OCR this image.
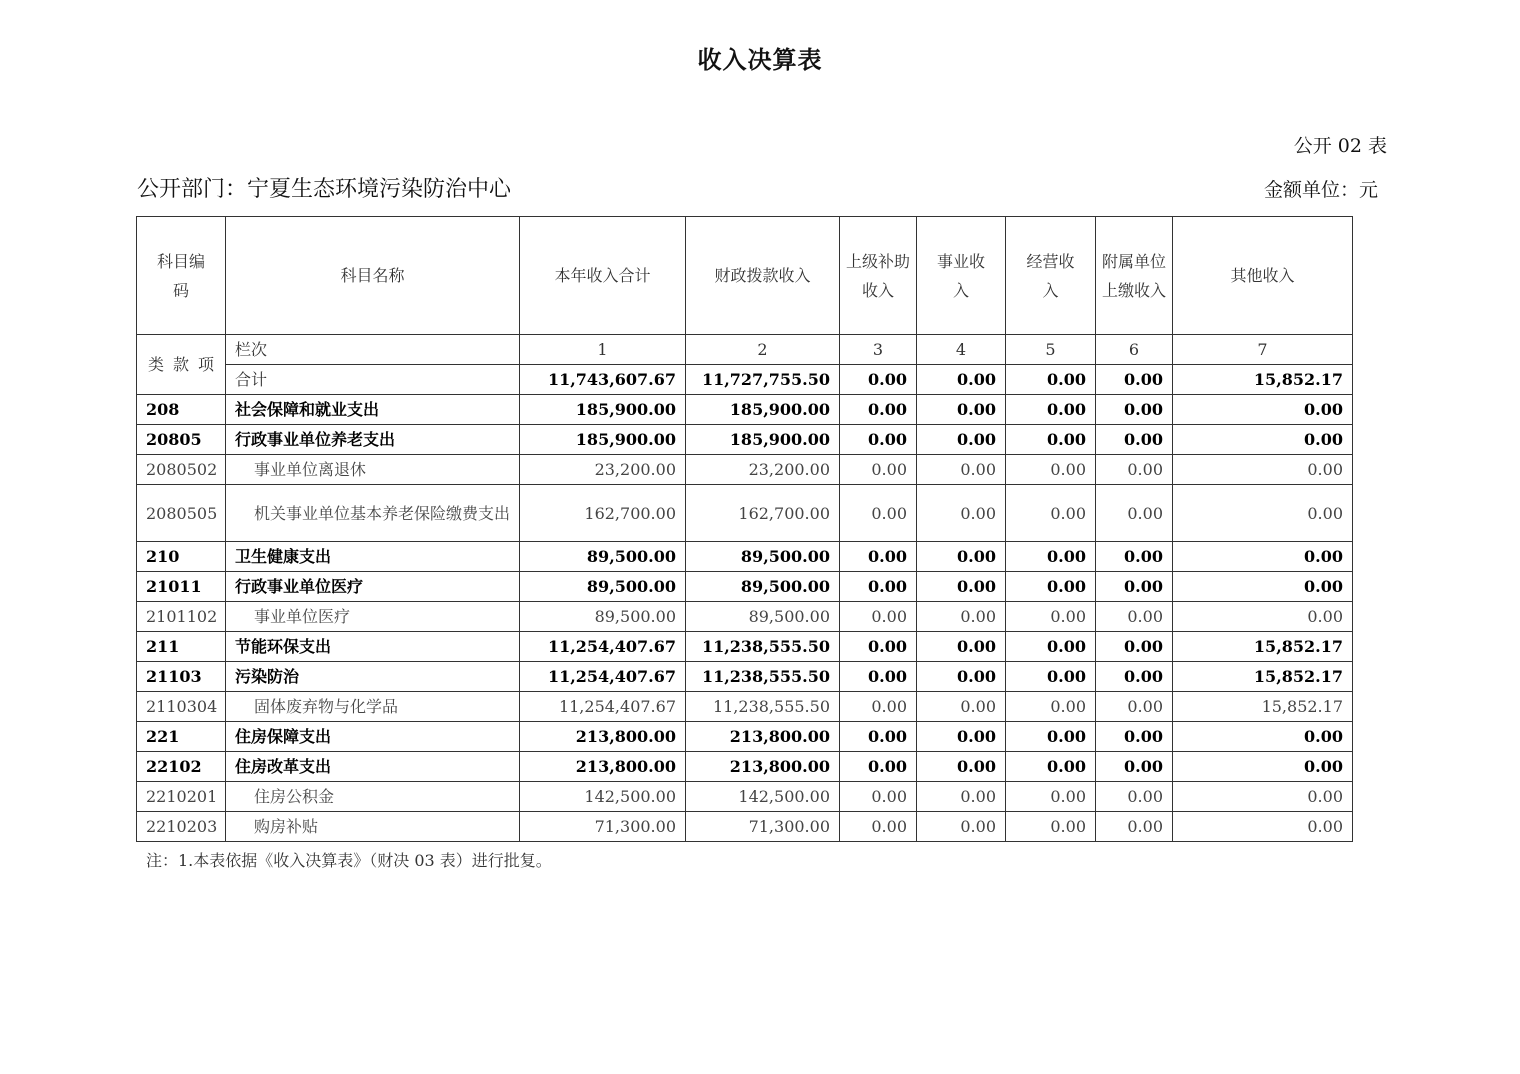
收入决算表
公开 02 表
公开部门：宁夏生态环境污染防治中心	金额单位：元
科目编码	科目名称	本年收入合计	财政拨款收入	上级补助收入	事业收入	经营收入	附属单位上缴收入	其他收入
类 款 项	栏次	1	2	3	4	5	6	7
	合计	11,743,607.67	11,727,755.50	0.00	0.00	0.00	0.00	15,852.17
208	社会保障和就业支出	185,900.00	185,900.00	0.00	0.00	0.00	0.00	0.00
20805	行政事业单位养老支出	185,900.00	185,900.00	0.00	0.00	0.00	0.00	0.00
2080502	事业单位离退休	23,200.00	23,200.00	0.00	0.00	0.00	0.00	0.00
2080505	机关事业单位基本养老保险缴费支出	162,700.00	162,700.00	0.00	0.00	0.00	0.00	0.00
210	卫生健康支出	89,500.00	89,500.00	0.00	0.00	0.00	0.00	0.00
21011	行政事业单位医疗	89,500.00	89,500.00	0.00	0.00	0.00	0.00	0.00
2101102	事业单位医疗	89,500.00	89,500.00	0.00	0.00	0.00	0.00	0.00
211	节能环保支出	11,254,407.67	11,238,555.50	0.00	0.00	0.00	0.00	15,852.17
21103	污染防治	11,254,407.67	11,238,555.50	0.00	0.00	0.00	0.00	15,852.17
2110304	固体废弃物与化学品	11,254,407.67	11,238,555.50	0.00	0.00	0.00	0.00	15,852.17
221	住房保障支出	213,800.00	213,800.00	0.00	0.00	0.00	0.00	0.00
22102	住房改革支出	213,800.00	213,800.00	0.00	0.00	0.00	0.00	0.00
2210201	住房公积金	142,500.00	142,500.00	0.00	0.00	0.00	0.00	0.00
2210203	购房补贴	71,300.00	71,300.00	0.00	0.00	0.00	0.00	0.00
注：1.本表依据《收入决算表》（财决 03 表）进行批复。
